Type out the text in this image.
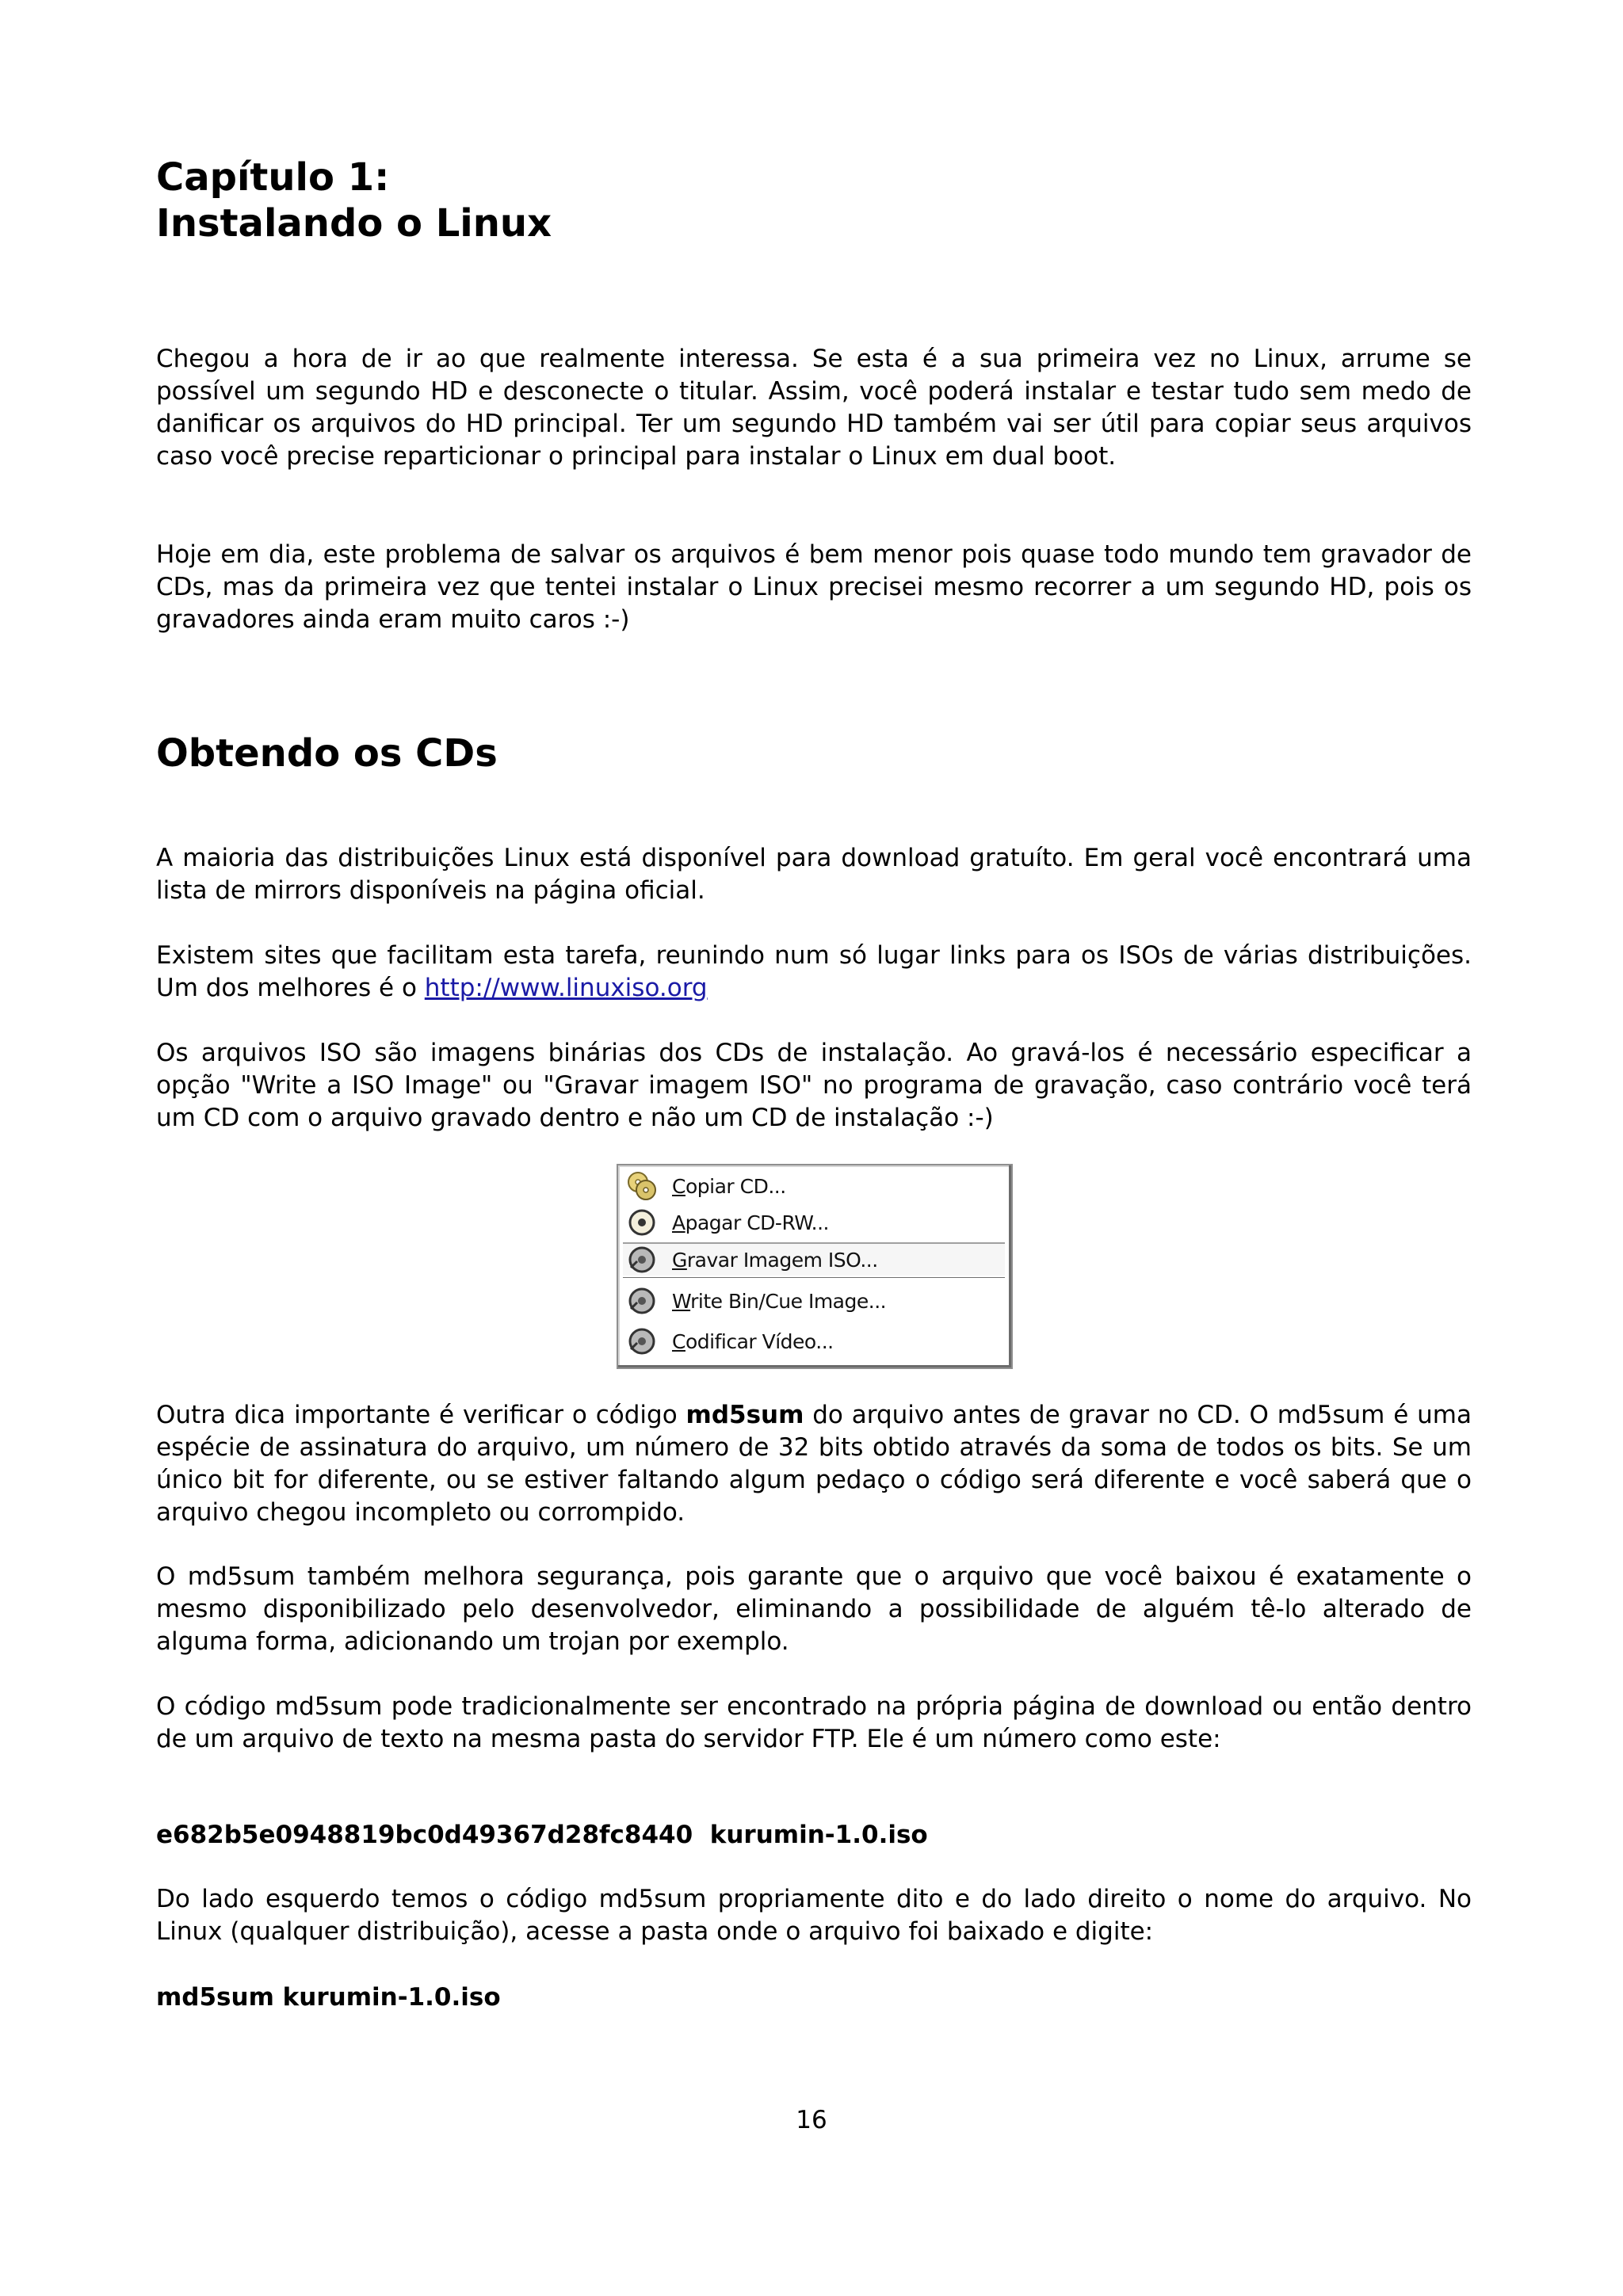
Capítulo 1:
Instalando o Linux

Chegou a hora de ir ao que realmente interessa. Se esta é a sua primeira vez no Linux, arrume se possível um segundo HD e desconecte o titular. Assim, você poderá instalar e testar tudo sem medo de danificar os arquivos do HD principal. Ter um segundo HD também vai ser útil para copiar seus arquivos caso você precise reparticionar o principal para instalar o Linux em dual boot.

Hoje em dia, este problema de salvar os arquivos é bem menor pois quase todo mundo tem gravador de CDs, mas da primeira vez que tentei instalar o Linux precisei mesmo recorrer a um segundo HD, pois os gravadores ainda eram muito caros :-)

Obtendo os CDs

A maioria das distribuições Linux está disponível para download gratuíto. Em geral você encontrará uma lista de mirrors disponíveis na página oficial.

Existem sites que facilitam esta tarefa, reunindo num só lugar links para os ISOs de várias distribuições. Um dos melhores é o http://www.linuxiso.org

Os arquivos ISO são imagens binárias dos CDs de instalação. Ao gravá-los é necessário especificar a opção "Write a ISO Image" ou "Gravar imagem ISO" no programa de gravação, caso contrário você terá um CD com o arquivo gravado dentro e não um CD de instalação :-)

Copiar CD...
Apagar CD-RW...
Gravar Imagem ISO...
Write Bin/Cue Image...
Codificar Vídeo...

Outra dica importante é verificar o código md5sum do arquivo antes de gravar no CD. O md5sum é uma espécie de assinatura do arquivo, um número de 32 bits obtido através da soma de todos os bits. Se um único bit for diferente, ou se estiver faltando algum pedaço o código será diferente e você saberá que o arquivo chegou incompleto ou corrompido.

O md5sum também melhora segurança, pois garante que o arquivo que você baixou é exatamente o mesmo disponibilizado pelo desenvolvedor, eliminando a possibilidade de alguém tê-lo alterado de alguma forma, adicionando um trojan por exemplo.

O código md5sum pode tradicionalmente ser encontrado na própria página de download ou então dentro de um arquivo de texto na mesma pasta do servidor FTP. Ele é um número como este:

e682b5e0948819bc0d49367d28fc8440  kurumin-1.0.iso

Do lado esquerdo temos o código md5sum propriamente dito e do lado direito o nome do arquivo. No Linux (qualquer distribuição), acesse a pasta onde o arquivo foi baixado e digite:

md5sum kurumin-1.0.iso

16
